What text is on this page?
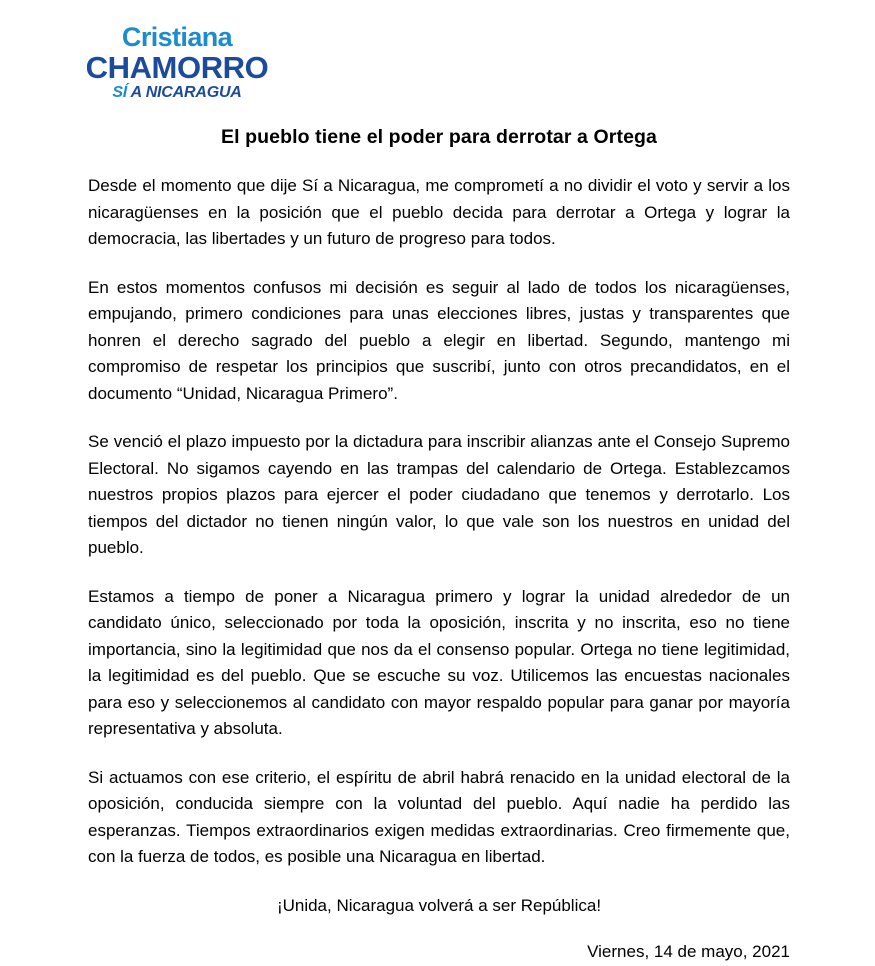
Cristiana
CHAMORRO
SÍ A NICARAGUA
El pueblo tiene el poder para derrotar a Ortega

Desde el momento que dije Sí a Nicaragua, me comprometí a no dividir el voto y servir a los nicaragüenses en la posición que el pueblo decida para derrotar a Ortega y lograr la democracia, las libertades y un futuro de progreso para todos.

En estos momentos confusos mi decisión es seguir al lado de todos los nicaragüenses, empujando, primero condiciones para unas elecciones libres, justas y transparentes que honren el derecho sagrado del pueblo a elegir en libertad. Segundo, mantengo mi compromiso de respetar los principios que suscribí, junto con otros precandidatos, en el documento “Unidad, Nicaragua Primero”.

Se venció el plazo impuesto por la dictadura para inscribir alianzas ante el Consejo Supremo Electoral. No sigamos cayendo en las trampas del calendario de Ortega. Establezcamos nuestros propios plazos para ejercer el poder ciudadano que tenemos y derrotarlo. Los tiempos del dictador no tienen ningún valor, lo que vale son los nuestros en unidad del pueblo.

Estamos a tiempo de poner a Nicaragua primero y lograr la unidad alrededor de un candidato único, seleccionado por toda la oposición, inscrita y no inscrita, eso no tiene importancia, sino la legitimidad que nos da el consenso popular. Ortega no tiene legitimidad, la legitimidad es del pueblo. Que se escuche su voz. Utilicemos las encuestas nacionales para eso y seleccionemos al candidato con mayor respaldo popular para ganar por mayoría representativa y absoluta.

Si actuamos con ese criterio, el espíritu de abril habrá renacido en la unidad electoral de la oposición, conducida siempre con la voluntad del pueblo. Aquí nadie ha perdido las esperanzas. Tiempos extraordinarios exigen medidas extraordinarias. Creo firmemente que, con la fuerza de todos, es posible una Nicaragua en libertad.

¡Unida, Nicaragua volverá a ser República!

Viernes, 14 de mayo, 2021
